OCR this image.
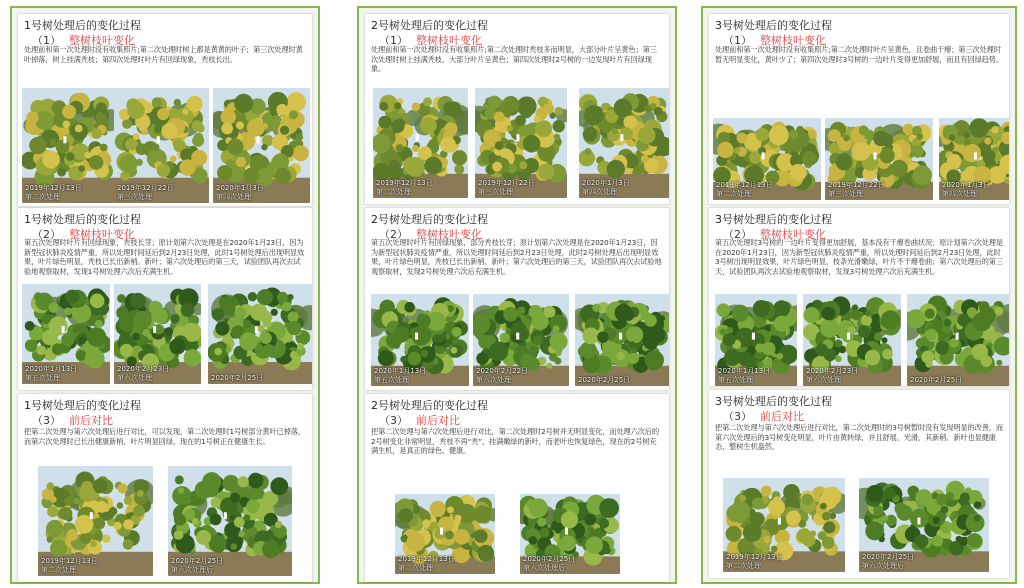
1号树处理后的变化过程
（1） 整树枝叶变化
处理前和第一次处理时没有收集照片;第二次处理时树上都是黄黄的叶子；第三次处理时黄叶掉落，树上挂满秃枝；第四次处理时叶片有回绿现象，秃枝长出。
2019年12月13日
第二次处理
2019年12月22日
第三次处理
2020年1月3日
第四次处理
1号树处理后的变化过程
（2） 整树枝叶变化
第五次处理时叶片有回绿现象，秃枝长芽；原计划第六次处理是在2020年1月23日，因为新型冠状肺炎疫情严重，所以处理时间延后到2月23日处理，此时1号树处理后出现明显效果，叶片绿色明显，秃枝已长出新梢。新叶；第六次处理后的第三天，试验团队再次去试验地观察取材，发现1号树处理六次后充满生机。
2020年1月13日
第五次处理
2020年2月23日
第六次处理	2020年2月25日
1号树处理后的变化过程
（3） 前后对比
把第二次处理与第六次处理后进行对比，可以发现，第二次处理时1号树部分黄叶已掉落，而第六次处理时已长出健康新梢，叶片明显回绿，现在的1号树正在健康生长。
2019年12月13日
第二次处理
2020年2月25日
第六次处理后
2号树处理后的变化过程
（1） 整树枝叶变化
处理前和第一次处理时没有收集照片;第二次处理时秃枝多而明显，大部分叶片呈黄色；第三次处理时树上挂满秃枝，大部分叶片呈黄色；第四次处理时2号树的一边发现叶片有回绿现象。
2019年12月13日
第二次处理
2019年12月22日
第三次处理
2020年1月3日
第四次处理
2号树处理后的变化过程
（2） 整树枝叶变化
第五次处理时叶片有回绿现象，部分秃枝长芽；原计划第六次处理是在2020年1月23日，因为新型冠状肺炎疫情严重，所以处理时间延后到2月23日处理，此时2号树处理后出现明显效果，叶片绿色明显，秃枝已长出新梢、新叶；第六次处理后的第三天，试验团队再次去试验地观察取材，发现2号树处理六次后充满生机。
2020年1月13日
第五次处理
2020年2月22日
第六次处理	2020年2月25日
2号树处理后的变化过程
（3） 前后对比
把第二次处理与第六次处理后进行对比，第二次处理时2号树并无明显变化，而处理六次后的2号树变化非常明显，秃枝不再“秃”，挂满嫩绿的新叶，而老叶也恢复绿色，现在的2号树充满生机，是真正的绿色、健康。
2019年12月13日
第二次处理
2020年2月25日
第六次处理后
3号树处理后的变化过程
（1） 整树枝叶变化
处理前和第一次处理时没有收集照片;第二次处理时叶片呈黄色，且卷曲干瘪；第三次处理时暂无明显变化，黄叶少了；第四次处理时3号树的一边叶片变得更加舒展，而且有回绿趋势。
2019年12月13日
第二次处理
2019年12月22日
第三次处理
2020年1月3日
第四次处理
3号树处理后的变化过程
（2） 整树枝叶变化
第五次处理时3号树的一边叶片变得更加舒展，基本没有干瘪卷曲状况；原计划第六次处理是在2020年1月23日，因为新型冠状肺炎疫情严重，所以处理时间延后到2月23日处理，此时3号树出现明显效果，叶片绿色明显，枝条光滑嫩绿，叶片不干瘪卷曲；第六次处理后的第三天，试验团队再次去试验地观察取材，发现3号树处理六次后充满生机。
2020年1月13日
第五次处理
2020年2月23日
第六次处理	2020年2月25日
3号树处理后的变化过程
（3） 前后对比
把第二次处理与第六次处理后进行对比，第二次处理时的3号树暂时没有发现明显的改善，而第六次处理后的3号树变化明显，叶片由黄转绿，并且舒展、光滑，其新稍、新叶也显健康态，整树生机盎然。
2019年12月13日
第二次处理
2020年2月25日
第六次处理后
